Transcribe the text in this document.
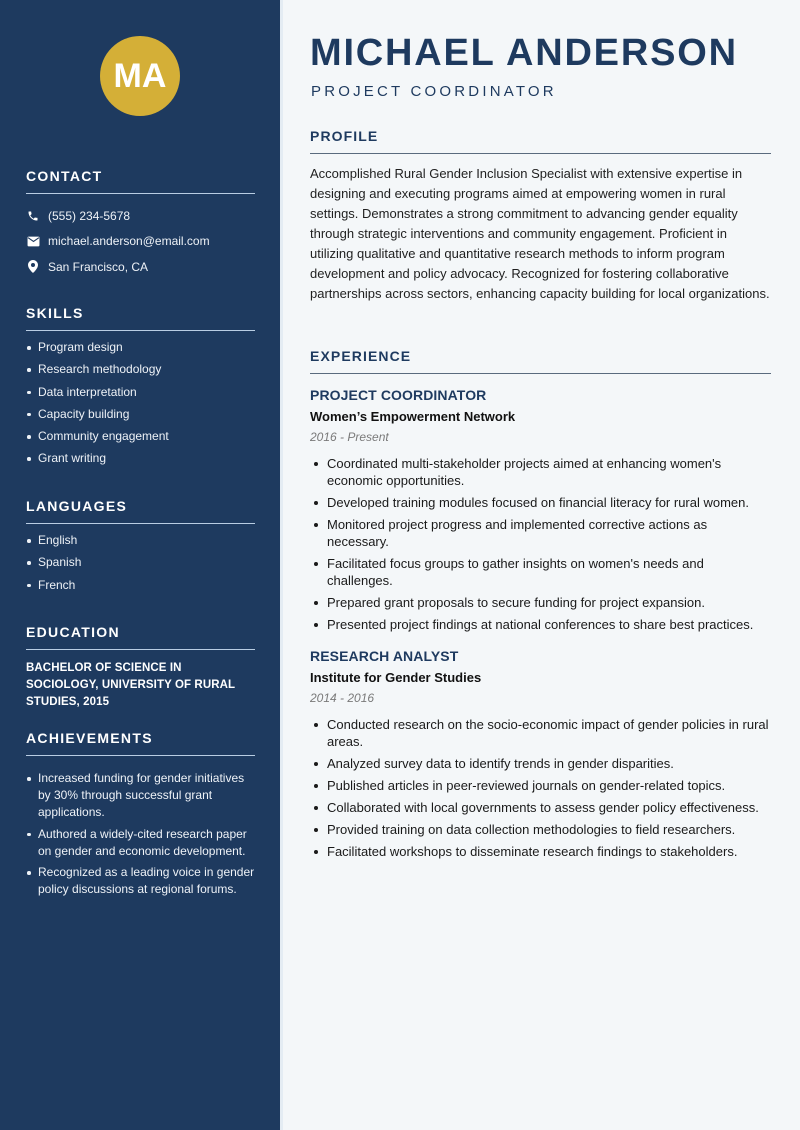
MA
CONTACT
(555) 234-5678
michael.anderson@email.com
San Francisco, CA
SKILLS
Program design
Research methodology
Data interpretation
Capacity building
Community engagement
Grant writing
LANGUAGES
English
Spanish
French
EDUCATION
BACHELOR OF SCIENCE IN SOCIOLOGY, UNIVERSITY OF RURAL STUDIES, 2015
ACHIEVEMENTS
Increased funding for gender initiatives by 30% through successful grant applications.
Authored a widely-cited research paper on gender and economic development.
Recognized as a leading voice in gender policy discussions at regional forums.
MICHAEL ANDERSON
PROJECT COORDINATOR
PROFILE

Accomplished Rural Gender Inclusion Specialist with extensive expertise in designing and executing programs aimed at empowering women in rural settings. Demonstrates a strong commitment to advancing gender equality through strategic interventions and community engagement. Proficient in utilizing qualitative and quantitative research methods to inform program development and policy advocacy. Recognized for fostering collaborative partnerships across sectors, enhancing capacity building for local organizations.

EXPERIENCE
PROJECT COORDINATOR
Women’s Empowerment Network
2016 - Present
Coordinated multi-stakeholder projects aimed at enhancing women's economic opportunities.
Developed training modules focused on financial literacy for rural women.
Monitored project progress and implemented corrective actions as necessary.
Facilitated focus groups to gather insights on women's needs and challenges.
Prepared grant proposals to secure funding for project expansion.
Presented project findings at national conferences to share best practices.
RESEARCH ANALYST
Institute for Gender Studies
2014 - 2016
Conducted research on the socio-economic impact of gender policies in rural areas.
Analyzed survey data to identify trends in gender disparities.
Published articles in peer-reviewed journals on gender-related topics.
Collaborated with local governments to assess gender policy effectiveness.
Provided training on data collection methodologies to field researchers.
Facilitated workshops to disseminate research findings to stakeholders.
